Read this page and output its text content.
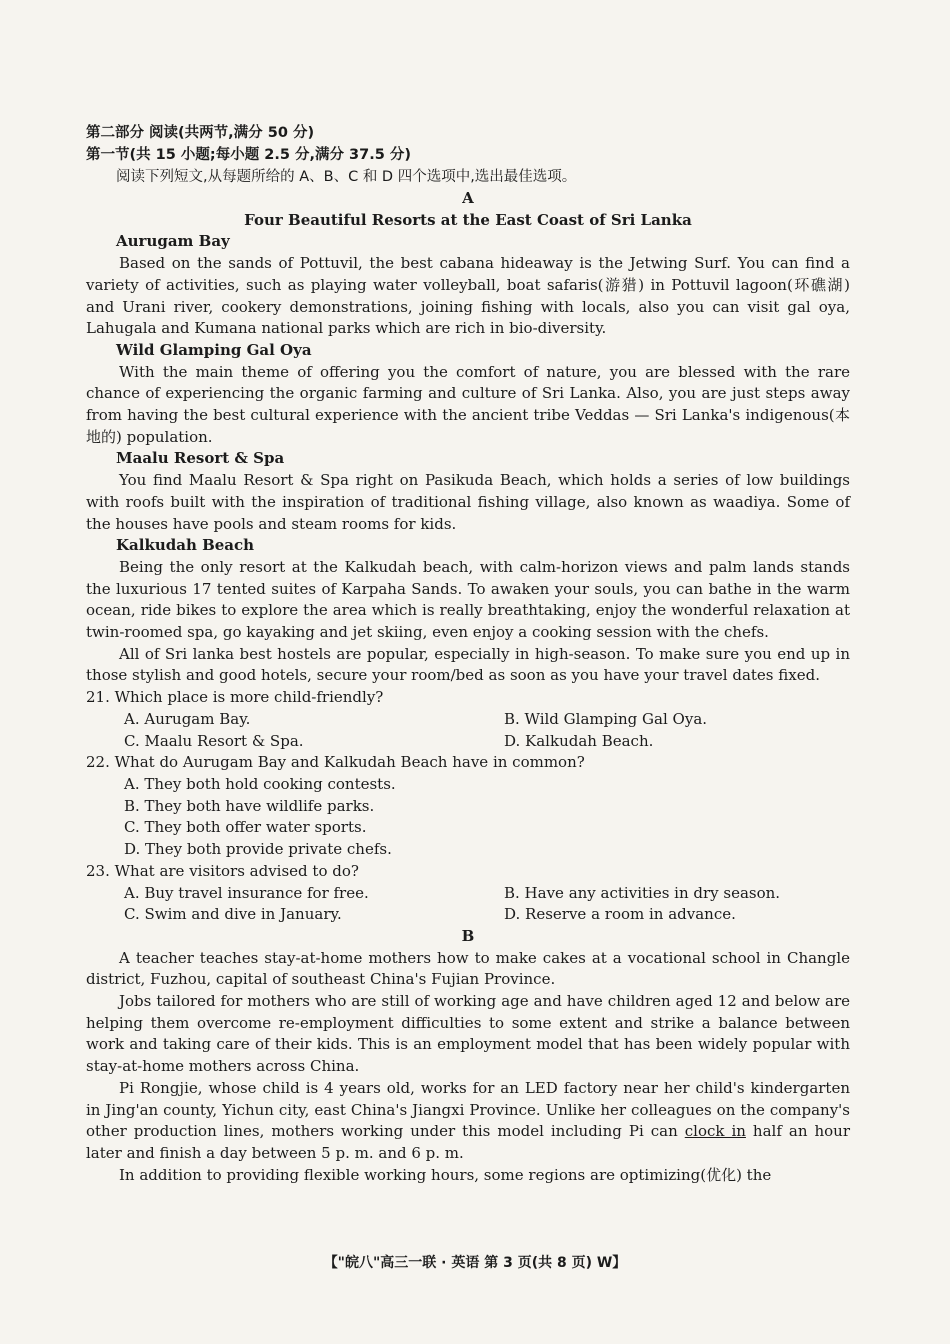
第二部分 阅读(共两节,满分 50 分)
第一节(共 15 小题;每小题 2.5 分,满分 37.5 分)
阅读下列短文,从每题所给的 A、B、C 和 D 四个选项中,选出最佳选项。
A
Four Beautiful Resorts at the East Coast of Sri Lanka
Aurugam Bay

Based on the sands of Pottuvil, the best cabana hideaway is the Jetwing Surf. You can find a variety of activities, such as playing water volleyball, boat safaris(游猎) in Pottuvil lagoon(环礁湖) and Urani river, cookery demonstrations, joining fishing with locals, also you can visit gal oya, Lahugala and Kumana national parks which are rich in bio-diversity.

Wild Glamping Gal Oya

With the main theme of offering you the comfort of nature, you are blessed with the rare chance of experiencing the organic farming and culture of Sri Lanka. Also, you are just steps away from having the best cultural experience with the ancient tribe Veddas — Sri Lanka's indigenous(本地的) population.

Maalu Resort & Spa

You find Maalu Resort & Spa right on Pasikuda Beach, which holds a series of low buildings with roofs built with the inspiration of traditional fishing village, also known as waadiya. Some of the houses have pools and steam rooms for kids.

Kalkudah Beach

Being the only resort at the Kalkudah beach, with calm-horizon views and palm lands stands the luxurious 17 tented suites of Karpaha Sands. To awaken your souls, you can bathe in the warm ocean, ride bikes to explore the area which is really breathtaking, enjoy the wonderful relaxation at twin-roomed spa, go kayaking and jet skiing, even enjoy a cooking session with the chefs.

All of Sri lanka best hostels are popular, especially in high-season. To make sure you end up in those stylish and good hotels, secure your room/bed as soon as you have your travel dates fixed.

21. Which place is more child-friendly?
A. Aurugam Bay.	B. Wild Glamping Gal Oya.
C. Maalu Resort & Spa.	D. Kalkudah Beach.
22. What do Aurugam Bay and Kalkudah Beach have in common?
A. They both hold cooking contests.
B. They both have wildlife parks.
C. They both offer water sports.
D. They both provide private chefs.
23. What are visitors advised to do?
A. Buy travel insurance for free.	B. Have any activities in dry season.
C. Swim and dive in January.	D. Reserve a room in advance.
B

A teacher teaches stay-at-home mothers how to make cakes at a vocational school in Changle district, Fuzhou, capital of southeast China's Fujian Province.

Jobs tailored for mothers who are still of working age and have children aged 12 and below are helping them overcome re-employment difficulties to some extent and strike a balance between work and taking care of their kids. This is an employment model that has been widely popular with stay-at-home mothers across China.

Pi Rongjie, whose child is 4 years old, works for an LED factory near her child's kindergarten in Jing'an county, Yichun city, east China's Jiangxi Province. Unlike her colleagues on the company's other production lines, mothers working under this model including Pi can clock in half an hour later and finish a day between 5 p. m. and 6 p. m.

In addition to providing flexible working hours, some regions are optimizing(优化) the

【"皖八"高三一联 · 英语 第 3 页(共 8 页) W】
